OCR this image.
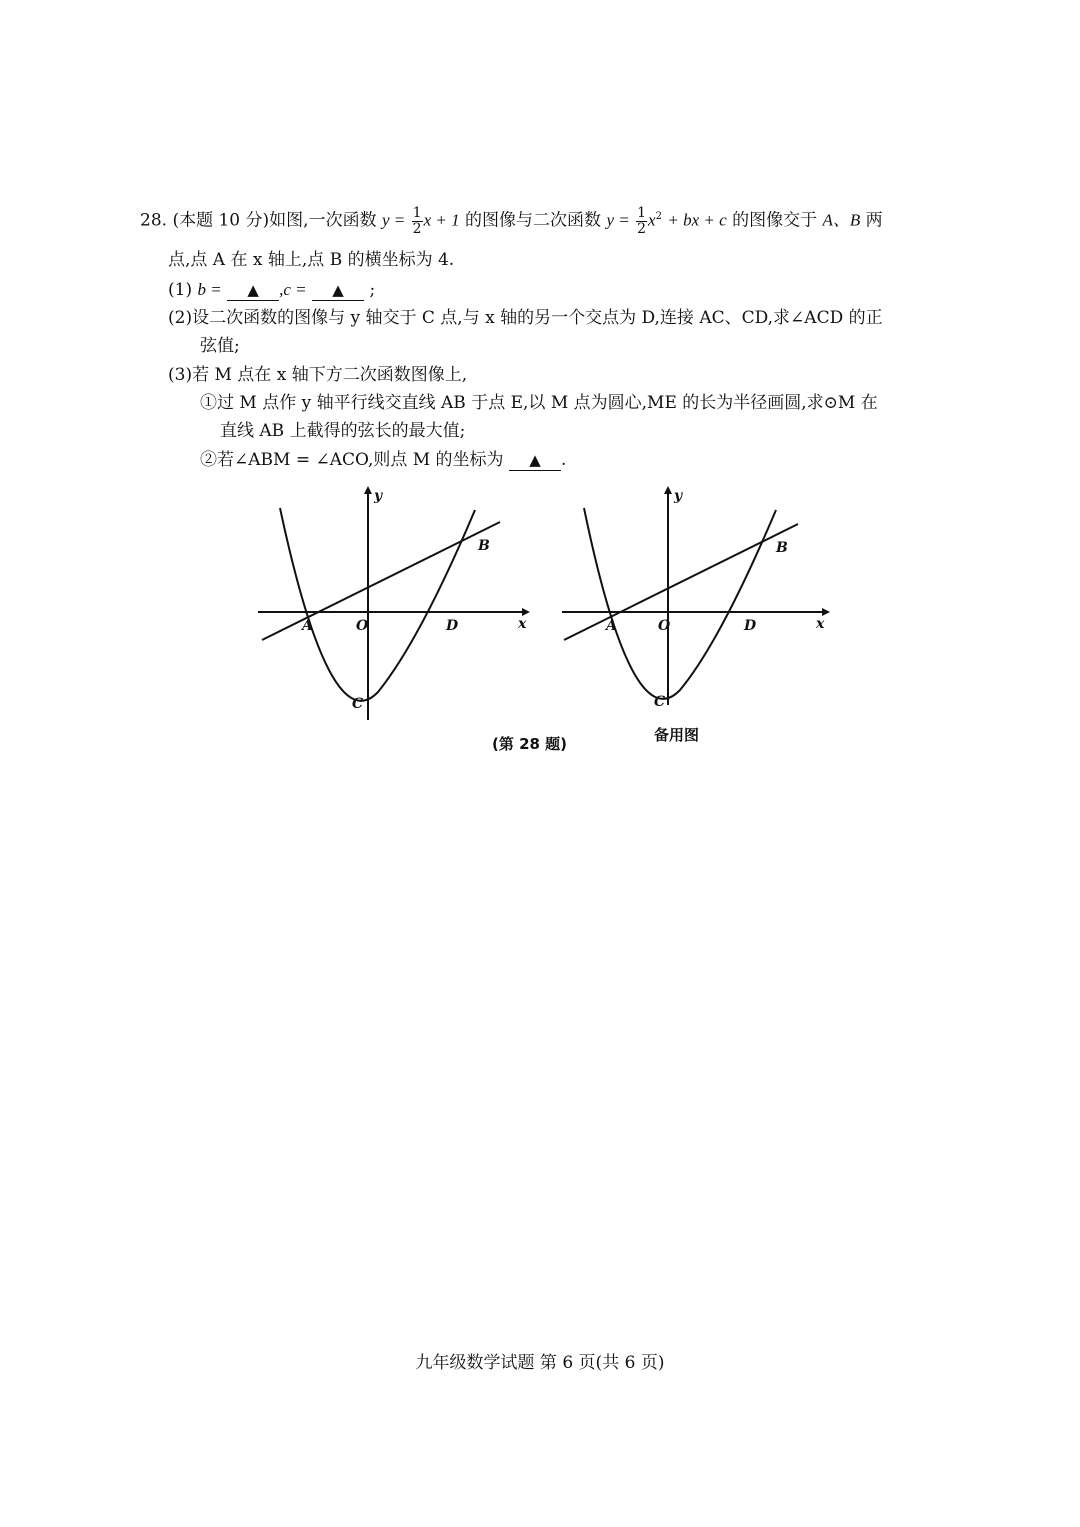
28. (本题 10 分)如图,一次函数 $y = \frac{1}{2}$ x + 1 的图像与二次函数 $y = \frac{1}{2} x^2$ + bx + c 的图像交于 A、B 两
点,点 A 在 x 轴上,点 B 的横坐标为 4.
(1) b = ▲ ,c = ▲ ;
(2)设二次函数的图像与 y 轴交于 C 点,与 x 轴的另一个交点为 D,连接 AC、CD,求∠ACD 的正
弦值;
(3)若 M 点在 x 轴下方二次函数图像上,
①过 M 点作 y 轴平行线交直线 AB 于点 E,以 M 点为圆心,ME 的长为半径画圆,求⊙M 在
直线 AB 上截得的弦长的最大值;
②若∠ABM = ∠ACO,则点 M 的坐标为 ▲ .
A	O	D
B
C
x
y
A	O	D
B
C
x
y
(第 28 题)	备用图
九年级数学试题 第 6 页(共 6 页)
